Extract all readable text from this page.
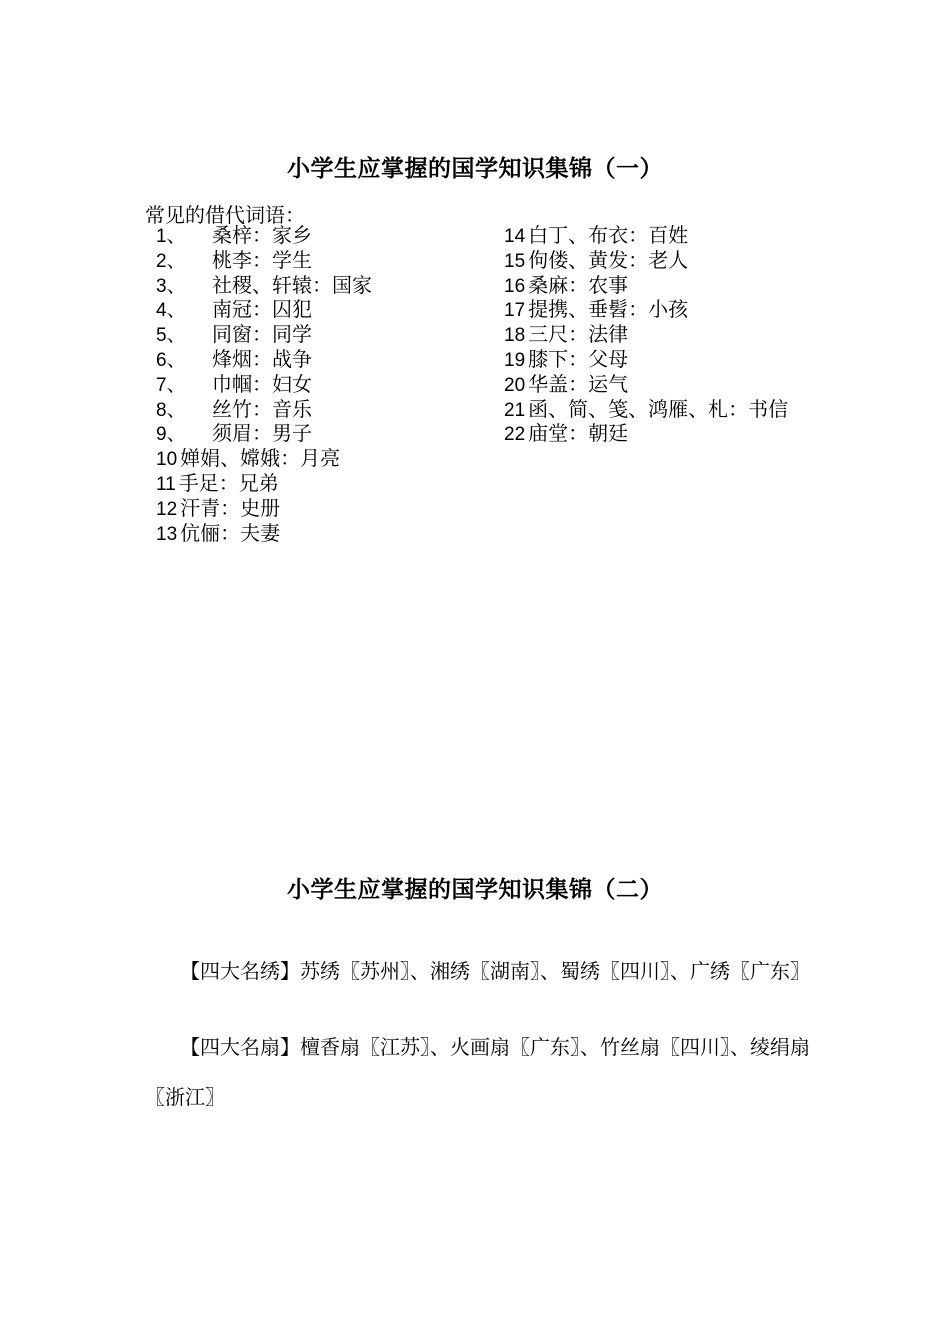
小学生应掌握的国学知识集锦（一）
常见的借代词语：
1、 桑梓：家乡
2、 桃李：学生
3、 社稷、轩辕：国家
4、 南冠：囚犯
5、 同窗：同学
6、 烽烟：战争
7、 巾帼：妇女
8、 丝竹：音乐
9、 须眉：男子
10 婵娟、嫦娥：月亮
11 手足：兄弟
12 汗青：史册
13 伉俪：夫妻
14 白丁、布衣：百姓
15 佝偻、黄发：老人
16 桑麻：农事
17 提携、垂髫：小孩
18 三尺：法律
19 膝下：父母
20 华盖：运气
21 函、简、笺、鸿雁、札：书信
22 庙堂：朝廷
小学生应掌握的国学知识集锦（二）

【四大名绣】苏绣〖苏州〗、湘绣〖湖南〗、蜀绣〖四川〗、广绣〖广东〗

【四大名扇】檀香扇〖江苏〗、火画扇〖广东〗、竹丝扇〖四川〗、绫绢扇〖浙江〗
